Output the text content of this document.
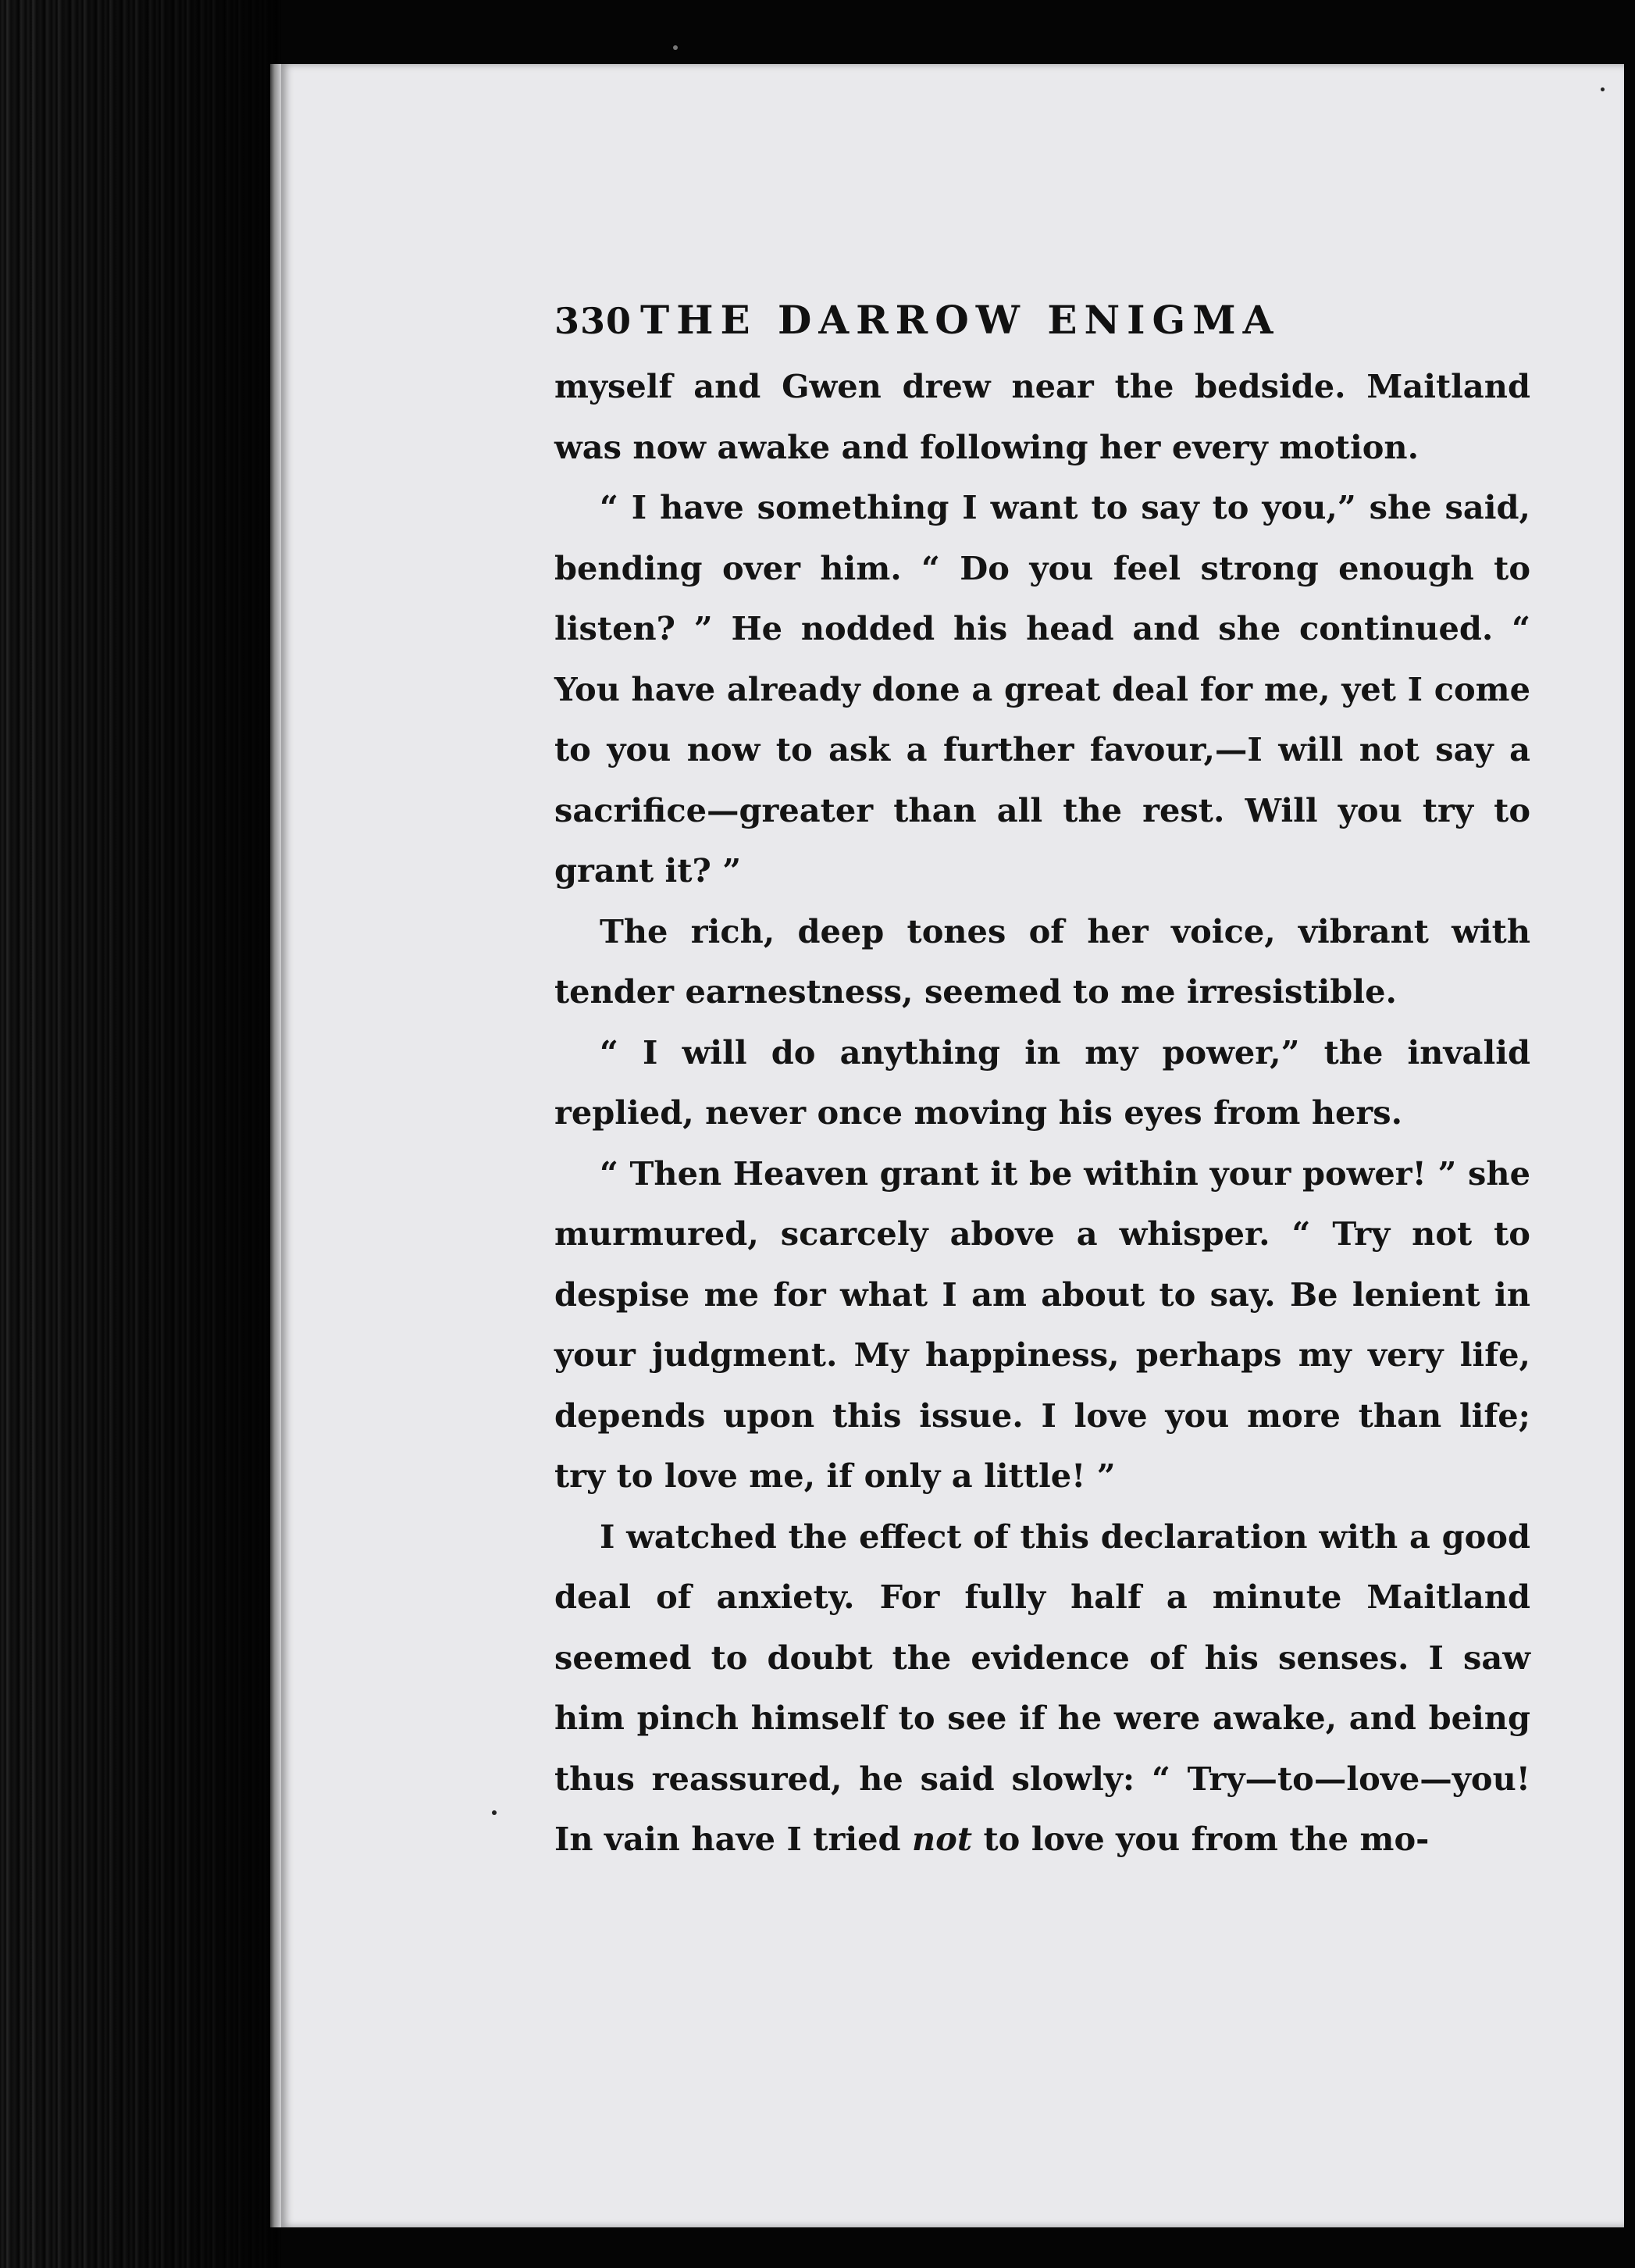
330 THE DARROW ENIGMA

myself and Gwen drew near the bedside. Maitland was now awake and following her every motion.

“ I have something I want to say to you,” she said, bending over him. “ Do you feel strong enough to listen? ” He nodded his head and she continued. “ You have already done a great deal for me, yet I come to you now to ask a further favour,—I will not say a sacrifice—greater than all the rest. Will you try to grant it? ”

The rich, deep tones of her voice, vibrant with tender earnestness, seemed to me irresistible.

“ I will do anything in my power,” the invalid replied, never once moving his eyes from hers.

“ Then Heaven grant it be within your power! ” she murmured, scarcely above a whisper. “ Try not to despise me for what I am about to say. Be lenient in your judgment. My happiness, perhaps my very life, depends upon this issue. I love you more than life; try to love me, if only a little! ”

I watched the effect of this declaration with a good deal of anxiety. For fully half a minute Maitland seemed to doubt the evidence of his senses. I saw him pinch himself to see if he were awake, and being thus reassured, he said slowly: “ Try—to—love—you! In vain have I tried not to love you from the mo-
